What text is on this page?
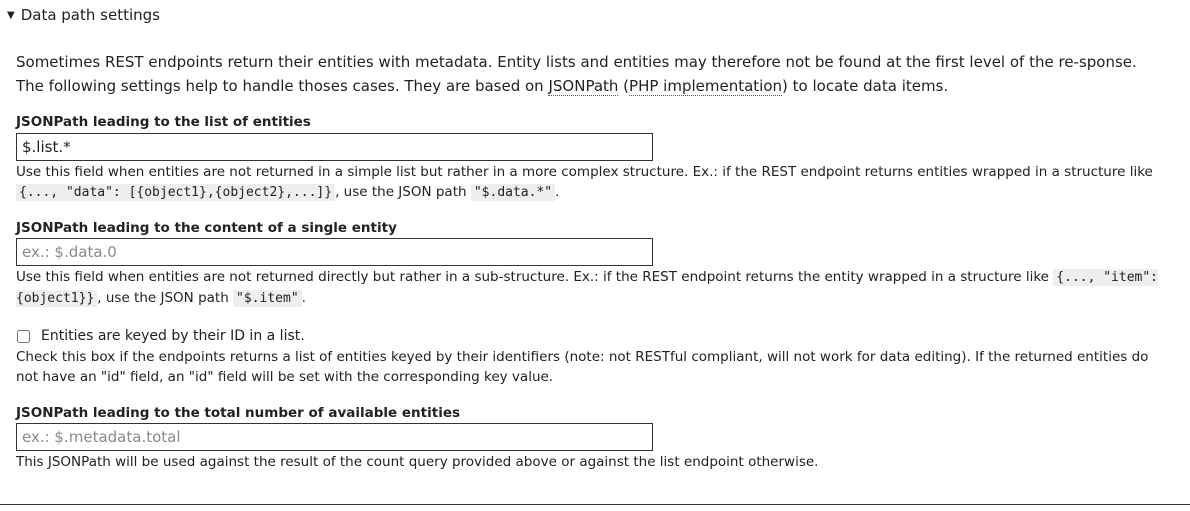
▼ Data path settings
Sometimes REST endpoints return their entities with metadata. Entity lists and entities may therefore not be found at the first level of the re-sponse. The following settings help to handle thoses cases. They are based on JSONPath (PHP implementation) to locate data items.
JSONPath leading to the list of entities
$.list.*
Use this field when entities are not returned in a simple list but rather in a more complex structure. Ex.: if the REST endpoint returns entities wrapped in a structure like {..., "data": [{object1},{object2},...]} , use the JSON path "$.data.*" .
JSONPath leading to the content of a single entity
ex.: $.data.0
Use this field when entities are not returned directly but rather in a sub-structure. Ex.: if the REST endpoint returns the entity wrapped in a structure like {..., "item": {object1}} , use the JSON path "$.item" .
Entities are keyed by their ID in a list.
Check this box if the endpoints returns a list of entities keyed by their identifiers (note: not RESTful compliant, will not work for data editing). If the returned entities do not have an "id" field, an "id" field will be set with the corresponding key value.
JSONPath leading to the total number of available entities
ex.: $.metadata.total
This JSONPath will be used against the result of the count query provided above or against the list endpoint otherwise.
